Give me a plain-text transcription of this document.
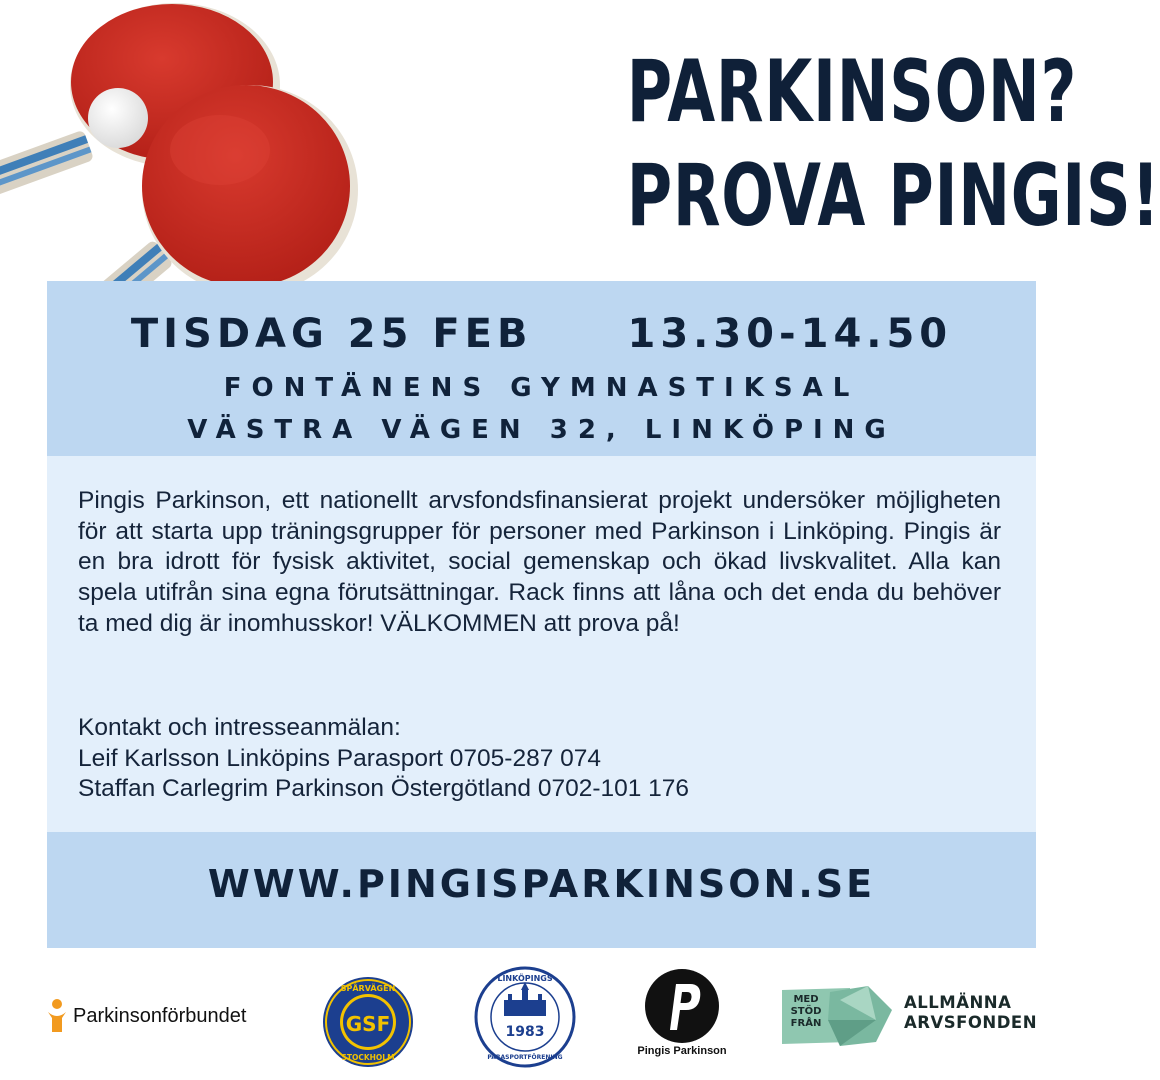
PARKINSON?
PROVA PINGIS!
TISDAG 25 FEB 13.30-14.50
FONTÄNENS GYMNASTIKSAL
VÄSTRA VÄGEN 32, LINKÖPING
Pingis Parkinson, ett nationellt arvsfondsfinansierat projekt undersöker möjligheten för att starta upp träningsgrupper för personer med Parkinson i Linköping. Pingis är en bra idrott för fysisk aktivitet, social gemenskap och ökad livskvalitet. Alla kan spela utifrån sina egna förutsättningar. Rack finns att låna och det enda du behöver ta med dig är inomhusskor! VÄLKOMMEN att prova på!
Kontakt och intresseanmälan:
Leif Karlsson Linköpins Parasport 0705-287 074
Staffan Carlegrim Parkinson Östergötland 0702-101 176
WWW.PINGISPARKINSON.SE
Parkinsonförbundet	GSF
SPÅRVÄGEN
STOCKHOLM
1983
LINKÖPINGS
PARASPORTFÖRENING
Pingis Parkinson
MED STÖD FRÅN
ALLMÄNNA
ARVSFONDEN
